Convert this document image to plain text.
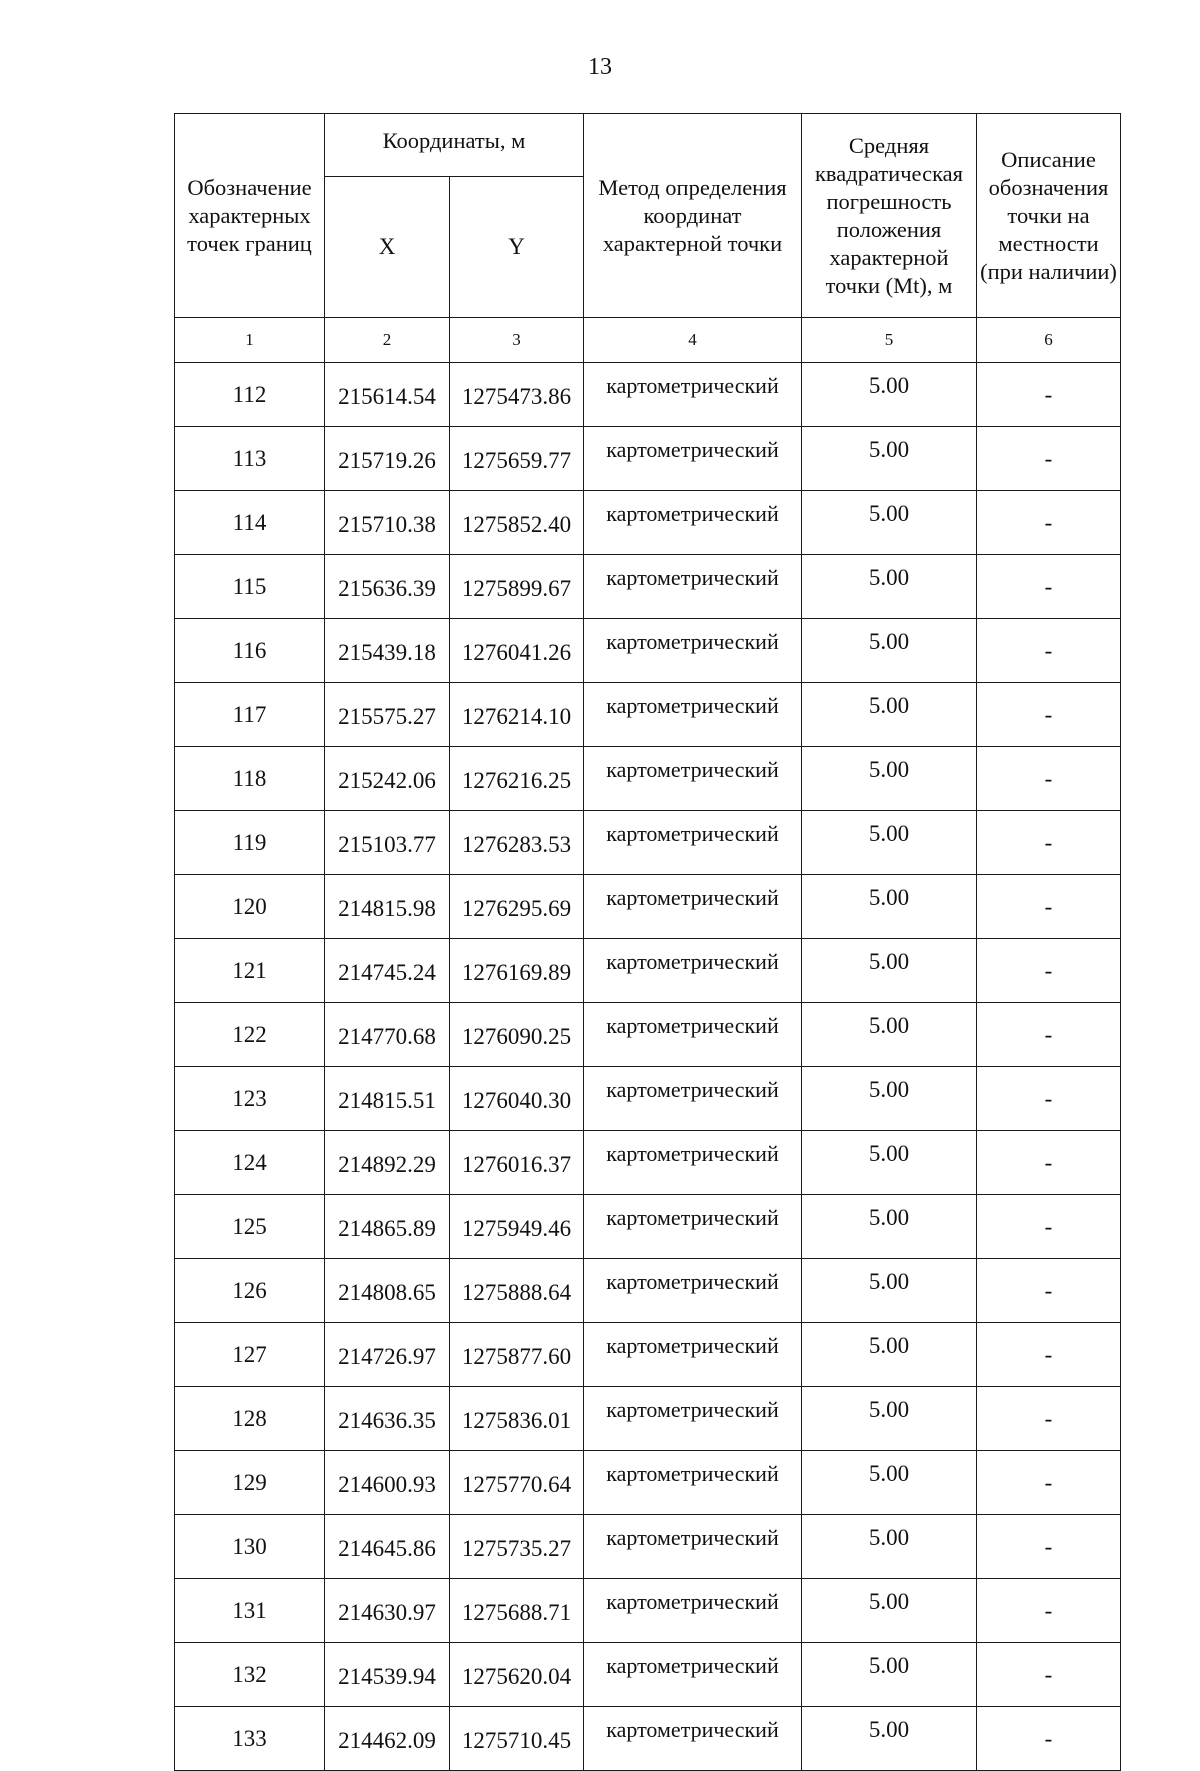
13
Обозначение характерных точек границ	Координаты, м		Метод определения координат характерной точки	Средняя квадратическая погрешность положения характерной точки (Mt), м	Описание обозначения точки на местности (при наличии)
	X	Y			
1	2	3	4	5	6
112	215614.54	1275473.86	картометрический	5.00	-
113	215719.26	1275659.77	картометрический	5.00	-
114	215710.38	1275852.40	картометрический	5.00	-
115	215636.39	1275899.67	картометрический	5.00	-
116	215439.18	1276041.26	картометрический	5.00	-
117	215575.27	1276214.10	картометрический	5.00	-
118	215242.06	1276216.25	картометрический	5.00	-
119	215103.77	1276283.53	картометрический	5.00	-
120	214815.98	1276295.69	картометрический	5.00	-
121	214745.24	1276169.89	картометрический	5.00	-
122	214770.68	1276090.25	картометрический	5.00	-
123	214815.51	1276040.30	картометрический	5.00	-
124	214892.29	1276016.37	картометрический	5.00	-
125	214865.89	1275949.46	картометрический	5.00	-
126	214808.65	1275888.64	картометрический	5.00	-
127	214726.97	1275877.60	картометрический	5.00	-
128	214636.35	1275836.01	картометрический	5.00	-
129	214600.93	1275770.64	картометрический	5.00	-
130	214645.86	1275735.27	картометрический	5.00	-
131	214630.97	1275688.71	картометрический	5.00	-
132	214539.94	1275620.04	картометрический	5.00	-
133	214462.09	1275710.45	картометрический	5.00	-
